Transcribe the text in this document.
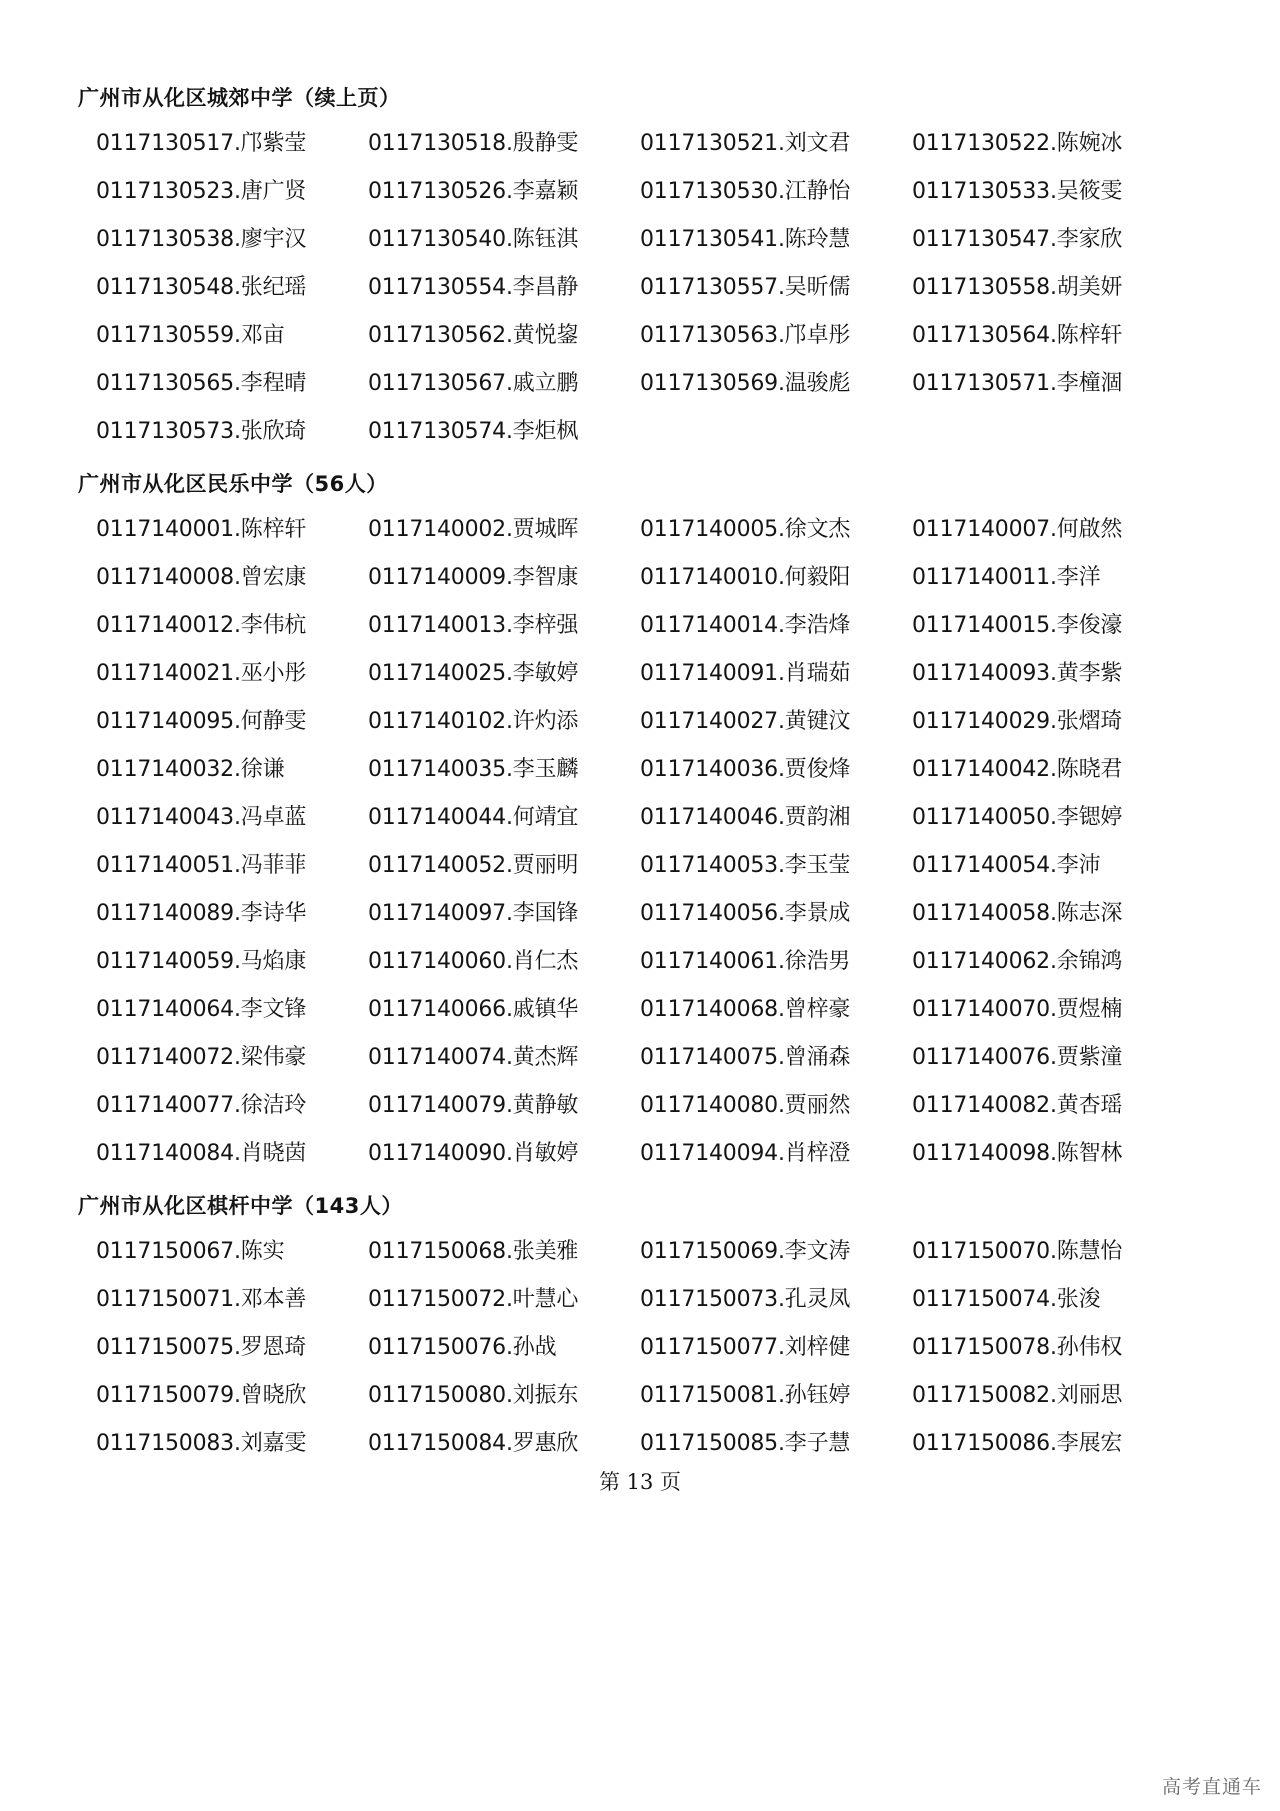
广州市从化区城郊中学（续上页）
0117130517.邝紫莹	0117130518.殷静雯	0117130521.刘文君	0117130522.陈婉冰
0117130523.唐广贤	0117130526.李嘉颖	0117130530.江静怡	0117130533.吴筱雯
0117130538.廖宇汉	0117130540.陈钰淇	0117130541.陈玲慧	0117130547.李家欣
0117130548.张纪瑶	0117130554.李昌静	0117130557.吴昕儒	0117130558.胡美妍
0117130559.邓亩	0117130562.黄悦鋆	0117130563.邝卓彤	0117130564.陈梓轩
0117130565.李程晴	0117130567.戚立鹏	0117130569.温骏彪	0117130571.李橦涸
0117130573.张欣琦	0117130574.李炬枫
广州市从化区民乐中学（56人）
0117140001.陈梓轩	0117140002.贾城晖	0117140005.徐文杰	0117140007.何啟然
0117140008.曾宏康	0117140009.李智康	0117140010.何毅阳	0117140011.李洋
0117140012.李伟杭	0117140013.李梓强	0117140014.李浩烽	0117140015.李俊濠
0117140021.巫小彤	0117140025.李敏婷	0117140091.肖瑞茹	0117140093.黄李紫
0117140095.何静雯	0117140102.许灼添	0117140027.黄键汶	0117140029.张熠琦
0117140032.徐谦	0117140035.李玉麟	0117140036.贾俊烽	0117140042.陈晓君
0117140043.冯卓蓝	0117140044.何靖宜	0117140046.贾韵湘	0117140050.李锶婷
0117140051.冯菲菲	0117140052.贾丽明	0117140053.李玉莹	0117140054.李沛
0117140089.李诗华	0117140097.李国锋	0117140056.李景成	0117140058.陈志深
0117140059.马焰康	0117140060.肖仁杰	0117140061.徐浩男	0117140062.余锦鸿
0117140064.李文锋	0117140066.戚镇华	0117140068.曾梓豪	0117140070.贾煜楠
0117140072.梁伟豪	0117140074.黄杰辉	0117140075.曾涌森	0117140076.贾紫潼
0117140077.徐洁玲	0117140079.黄静敏	0117140080.贾丽然	0117140082.黄杏瑶
0117140084.肖晓茵	0117140090.肖敏婷	0117140094.肖梓澄	0117140098.陈智林
广州市从化区棋杆中学（143人）
0117150067.陈实	0117150068.张美雅	0117150069.李文涛	0117150070.陈慧怡
0117150071.邓本善	0117150072.叶慧心	0117150073.孔灵凤	0117150074.张浚
0117150075.罗恩琦	0117150076.孙战	0117150077.刘梓健	0117150078.孙伟权
0117150079.曾晓欣	0117150080.刘振东	0117150081.孙钰婷	0117150082.刘丽思
0117150083.刘嘉雯	0117150084.罗惠欣	0117150085.李子慧	0117150086.李展宏
第 13 页
高考直通车
